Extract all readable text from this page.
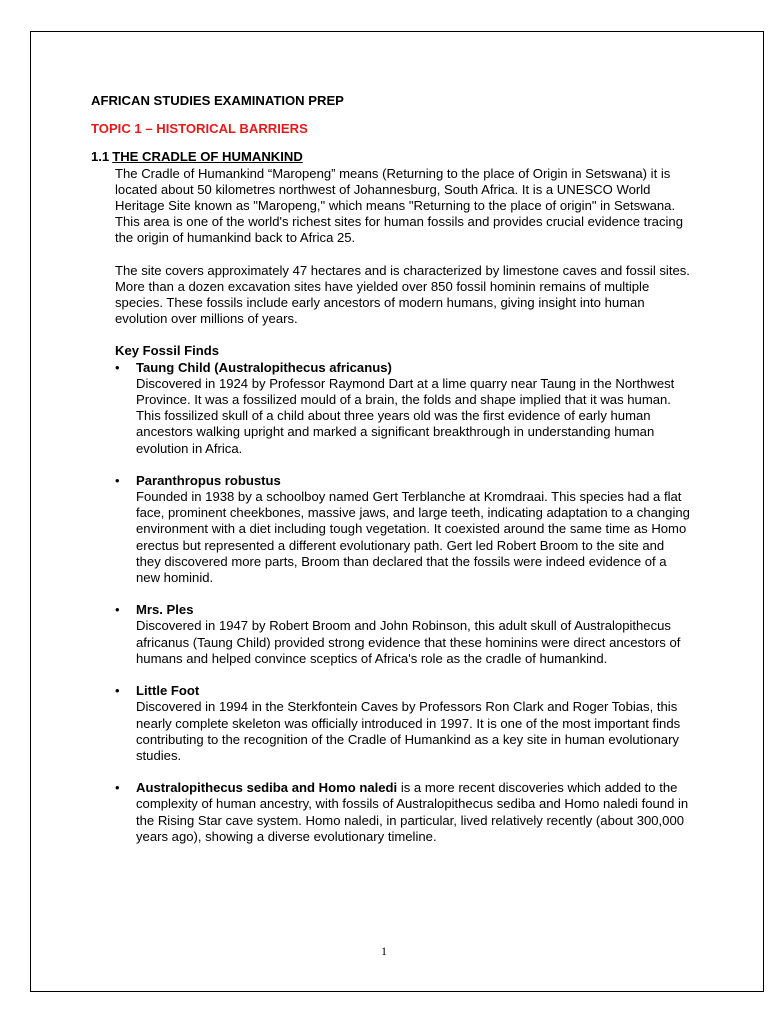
AFRICAN STUDIES EXAMINATION PREP

TOPIC 1 – HISTORICAL BARRIERS

1.1 THE CRADLE OF HUMANKIND

The Cradle of Humankind “Maropeng” means (Returning to the place of Origin in Setswana) it is located about 50 kilometres northwest of Johannesburg, South Africa. It is a UNESCO World Heritage Site known as "Maropeng," which means "Returning to the place of origin" in Setswana. This area is one of the world's richest sites for human fossils and provides crucial evidence tracing the origin of humankind back to Africa 25.

The site covers approximately 47 hectares and is characterized by limestone caves and fossil sites. More than a dozen excavation sites have yielded over 850 fossil hominin remains of multiple species. These fossils include early ancestors of modern humans, giving insight into human evolution over millions of years.

Key Fossil Finds

• Taung Child (Australopithecus africanus)

Discovered in 1924 by Professor Raymond Dart at a lime quarry near Taung in the Northwest Province. It was a fossilized mould of a brain, the folds and shape implied that it was human. This fossilized skull of a child about three years old was the first evidence of early human ancestors walking upright and marked a significant breakthrough in understanding human evolution in Africa.

• Paranthropus robustus

Founded in 1938 by a schoolboy named Gert Terblanche at Kromdraai. This species had a flat face, prominent cheekbones, massive jaws, and large teeth, indicating adaptation to a changing environment with a diet including tough vegetation. It coexisted around the same time as Homo erectus but represented a different evolutionary path. Gert led Robert Broom to the site and they discovered more parts, Broom than declared that the fossils were indeed evidence of a new hominid.

• Mrs. Ples

Discovered in 1947 by Robert Broom and John Robinson, this adult skull of Australopithecus africanus (Taung Child) provided strong evidence that these hominins were direct ancestors of humans and helped convince sceptics of Africa's role as the cradle of humankind.

• Little Foot

Discovered in 1994 in the Sterkfontein Caves by Professors Ron Clark and Roger Tobias, this nearly complete skeleton was officially introduced in 1997. It is one of the most important finds contributing to the recognition of the Cradle of Humankind as a key site in human evolutionary studies.

• Australopithecus sediba and Homo naledi is a more recent discoveries which added to the complexity of human ancestry, with fossils of Australopithecus sediba and Homo naledi found in the Rising Star cave system. Homo naledi, in particular, lived relatively recently (about 300,000 years ago), showing a diverse evolutionary timeline.

1
